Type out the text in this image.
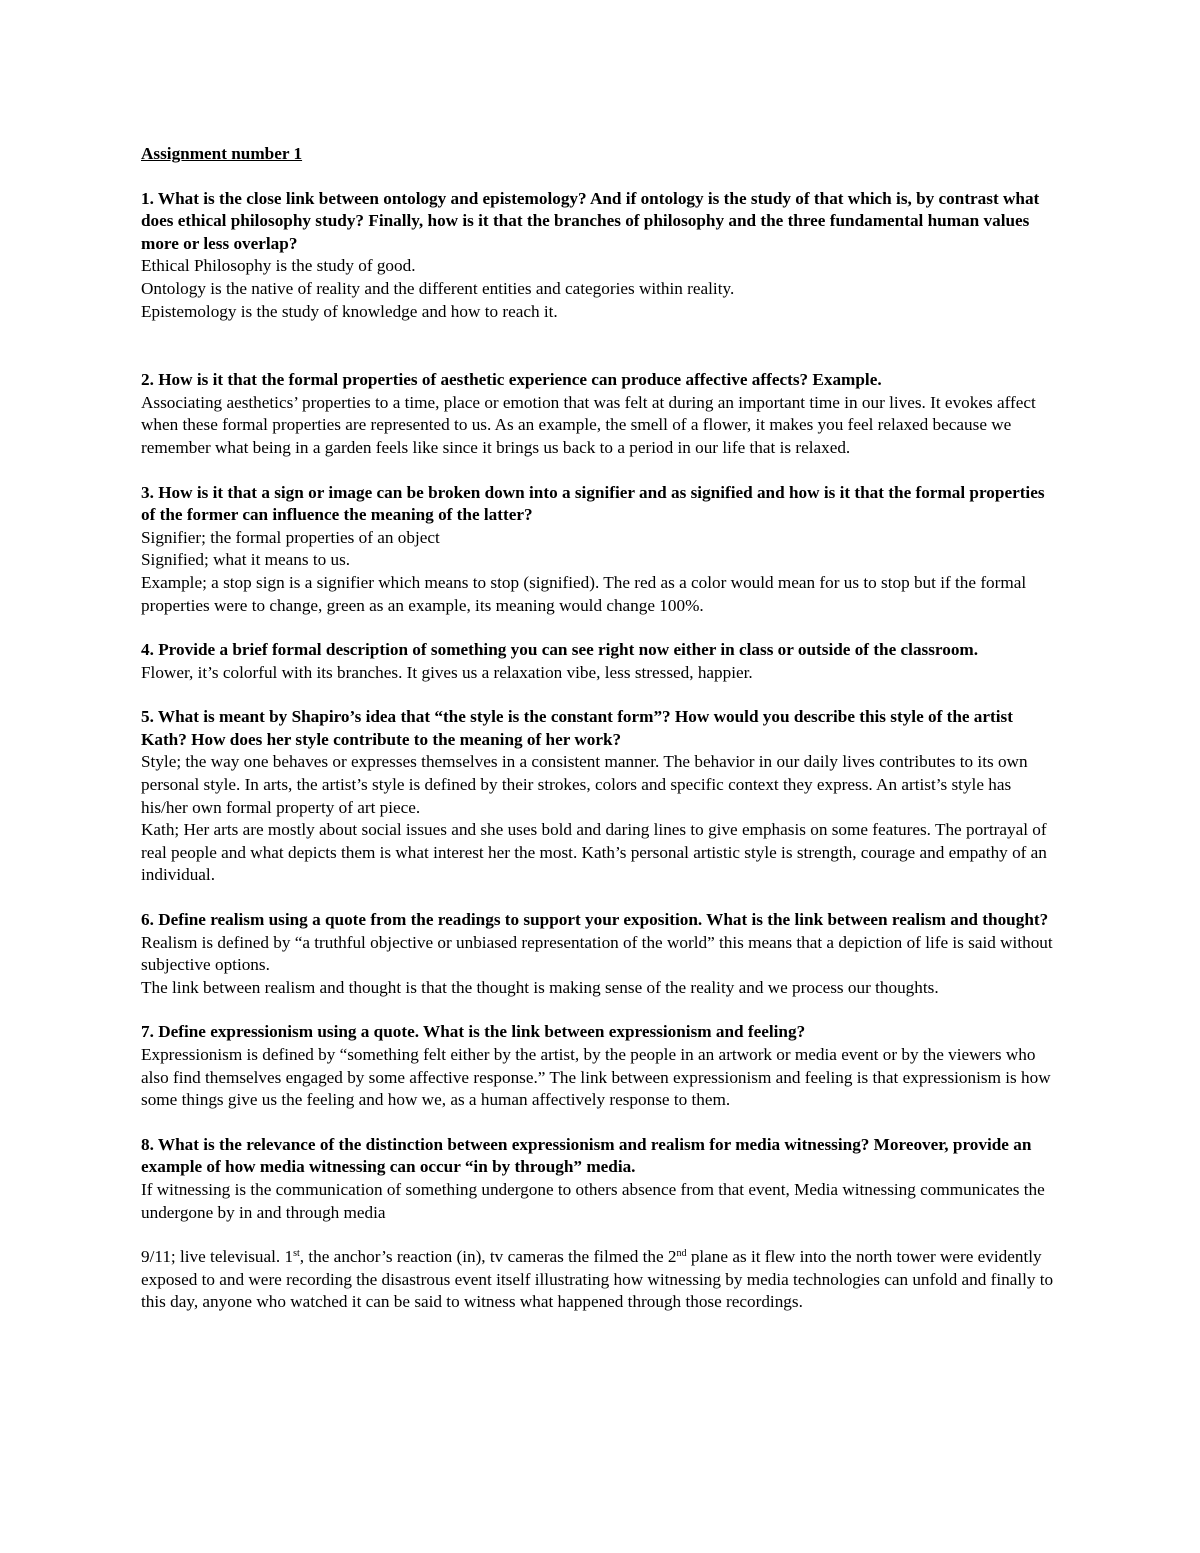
Assignment number 1
1. What is the close link between ontology and epistemology? And if ontology is the study of that which is, by contrast what does ethical philosophy study? Finally, how is it that the branches of philosophy and the three fundamental human values more or less overlap?
Ethical Philosophy is the study of good.
Ontology is the native of reality and the different entities and categories within reality.
Epistemology is the study of knowledge and how to reach it.
2. How is it that the formal properties of aesthetic experience can produce affective affects? Example.
Associating aesthetics’ properties to a time, place or emotion that was felt at during an important time in our lives. It evokes affect when these formal properties are represented to us. As an example, the smell of a flower, it makes you feel relaxed because we remember what being in a garden feels like since it brings us back to a period in our life that is relaxed.
3. How is it that a sign or image can be broken down into a signifier and as signified and how is it that the formal properties of the former can influence the meaning of the latter?
Signifier; the formal properties of an object
Signified; what it means to us.
Example; a stop sign is a signifier which means to stop (signified). The red as a color would mean for us to stop but if the formal properties were to change, green as an example, its meaning would change 100%.
4. Provide a brief formal description of something you can see right now either in class or outside of the classroom.
Flower, it’s colorful with its branches. It gives us a relaxation vibe, less stressed, happier.
5. What is meant by Shapiro’s idea that “the style is the constant form”? How would you describe this style of the artist Kath? How does her style contribute to the meaning of her work?
Style; the way one behaves or expresses themselves in a consistent manner. The behavior in our daily lives contributes to its own personal style. In arts, the artist’s style is defined by their strokes, colors and specific context they express. An artist’s style has his/her own formal property of art piece.
Kath; Her arts are mostly about social issues and she uses bold and daring lines to give emphasis on some features. The portrayal of real people and what depicts them is what interest her the most. Kath’s personal artistic style is strength, courage and empathy of an individual.
6. Define realism using a quote from the readings to support your exposition. What is the link between realism and thought?
Realism is defined by “a truthful objective or unbiased representation of the world” this means that a depiction of life is said without subjective options.
The link between realism and thought is that the thought is making sense of the reality and we process our thoughts.
7. Define expressionism using a quote. What is the link between expressionism and feeling?
Expressionism is defined by “something felt either by the artist, by the people in an artwork or media event or by the viewers who also find themselves engaged by some affective response.” The link between expressionism and feeling is that expressionism is how some things give us the feeling and how we, as a human affectively response to them.
8. What is the relevance of the distinction between expressionism and realism for media witnessing? Moreover, provide an example of how media witnessing can occur “in by through” media.
If witnessing is the communication of something undergone to others absence from that event, Media witnessing communicates the undergone by in and through media
9/11; live televisual. 1st, the anchor’s reaction (in), tv cameras the filmed the 2nd plane as it flew into the north tower were evidently exposed to and were recording the disastrous event itself illustrating how witnessing by media technologies can unfold and finally to this day, anyone who watched it can be said to witness what happened through those recordings.
